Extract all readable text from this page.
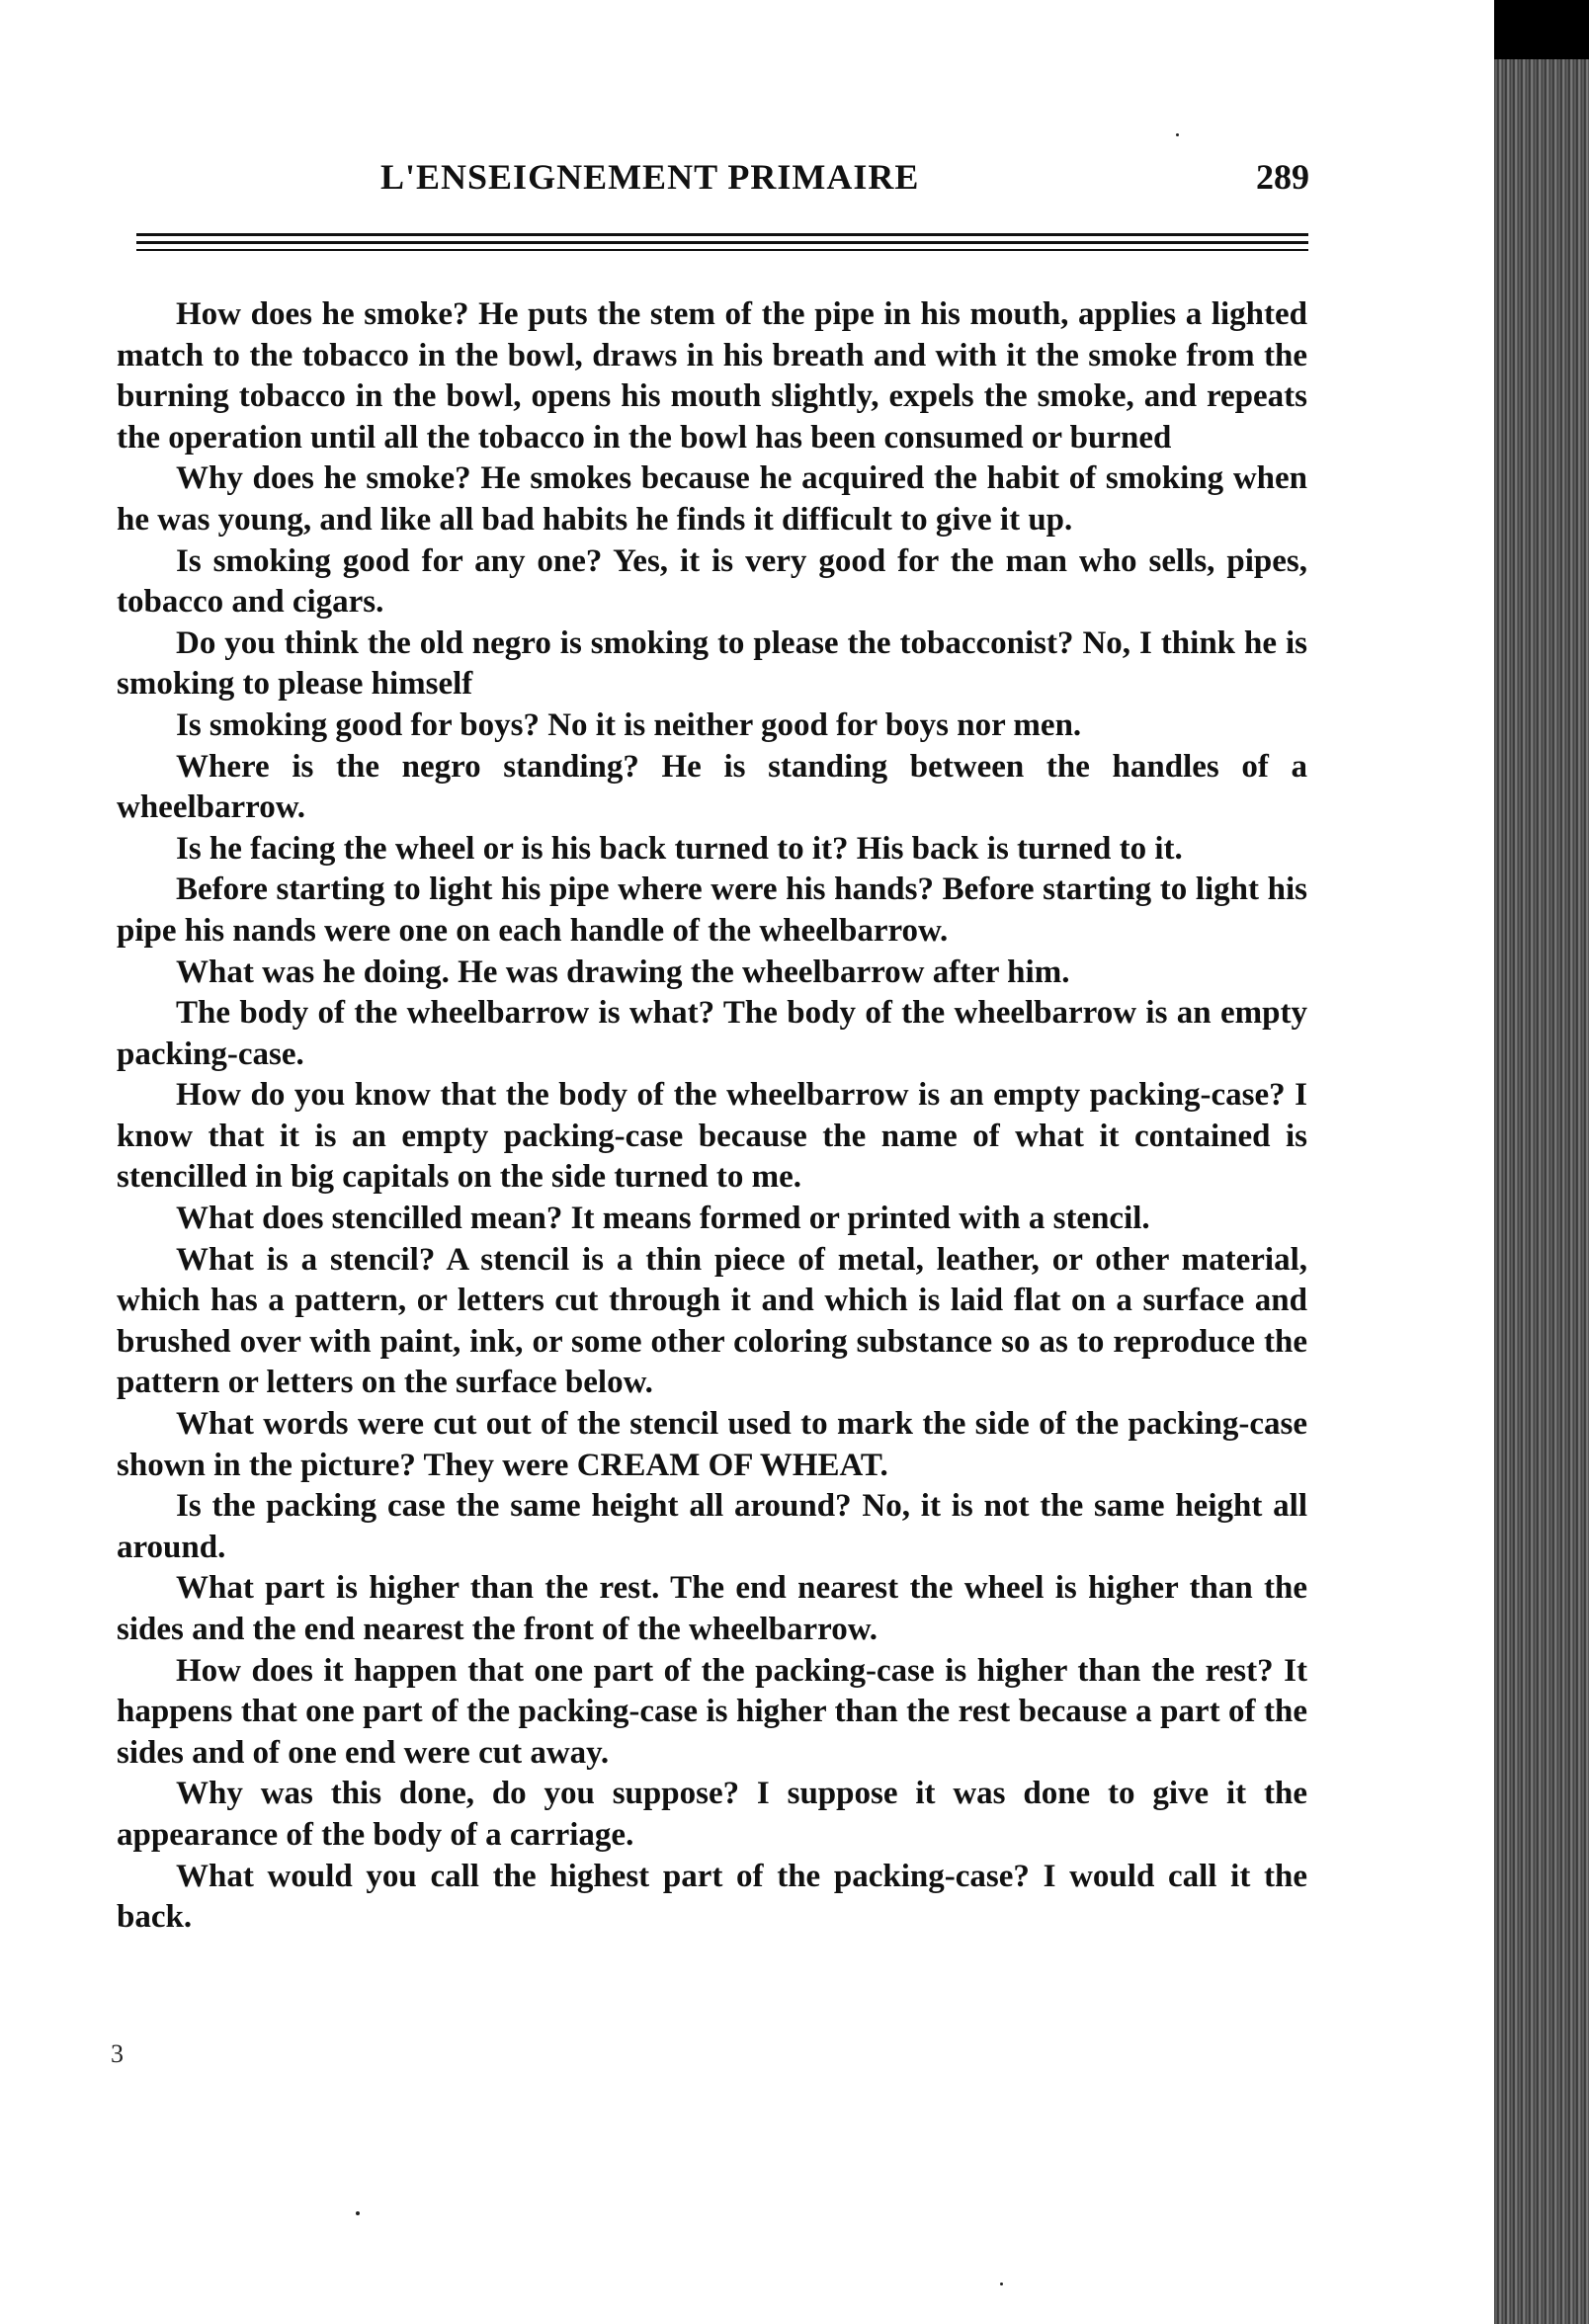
L'ENSEIGNEMENT PRIMAIRE	289

How does he smoke? He puts the stem of the pipe in his mouth, applies a lighted match to the tobacco in the bowl, draws in his breath and with it the smoke from the burning tobacco in the bowl, opens his mouth slightly, expels the smoke, and repeats the operation until all the tobacco in the bowl has been consumed or burned

Why does he smoke? He smokes because he acquired the habit of smoking when he was young, and like all bad habits he finds it difficult to give it up.

Is smoking good for any one? Yes, it is very good for the man who sells, pipes, tobacco and cigars.

Do you think the old negro is smoking to please the tobacconist? No, I think he is smoking to please himself

Is smoking good for boys? No it is neither good for boys nor men.

Where is the negro standing? He is standing between the handles of a wheelbarrow.

Is he facing the wheel or is his back turned to it? His back is turned to it.

Before starting to light his pipe where were his hands? Before starting to light his pipe his nands were one on each handle of the wheelbarrow.

What was he doing. He was drawing the wheelbarrow after him.

The body of the wheelbarrow is what? The body of the wheelbarrow is an empty packing-case.

How do you know that the body of the wheelbarrow is an empty packing-case? I know that it is an empty packing-case because the name of what it contained is stencilled in big capitals on the side turned to me.

What does stencilled mean? It means formed or printed with a stencil.

What is a stencil? A stencil is a thin piece of metal, leather, or other material, which has a pattern, or letters cut through it and which is laid flat on a surface and brushed over with paint, ink, or some other coloring substance so as to reproduce the pattern or letters on the surface below.

What words were cut out of the stencil used to mark the side of the packing-case shown in the picture? They were CREAM OF WHEAT.

Is the packing case the same height all around? No, it is not the same height all around.

What part is higher than the rest. The end nearest the wheel is higher than the sides and the end nearest the front of the wheelbarrow.

How does it happen that one part of the packing-case is higher than the rest? It happens that one part of the packing-case is higher than the rest because a part of the sides and of one end were cut away.

Why was this done, do you suppose? I suppose it was done to give it the appearance of the body of a carriage.

What would you call the highest part of the packing-case? I would call it the back.

3
